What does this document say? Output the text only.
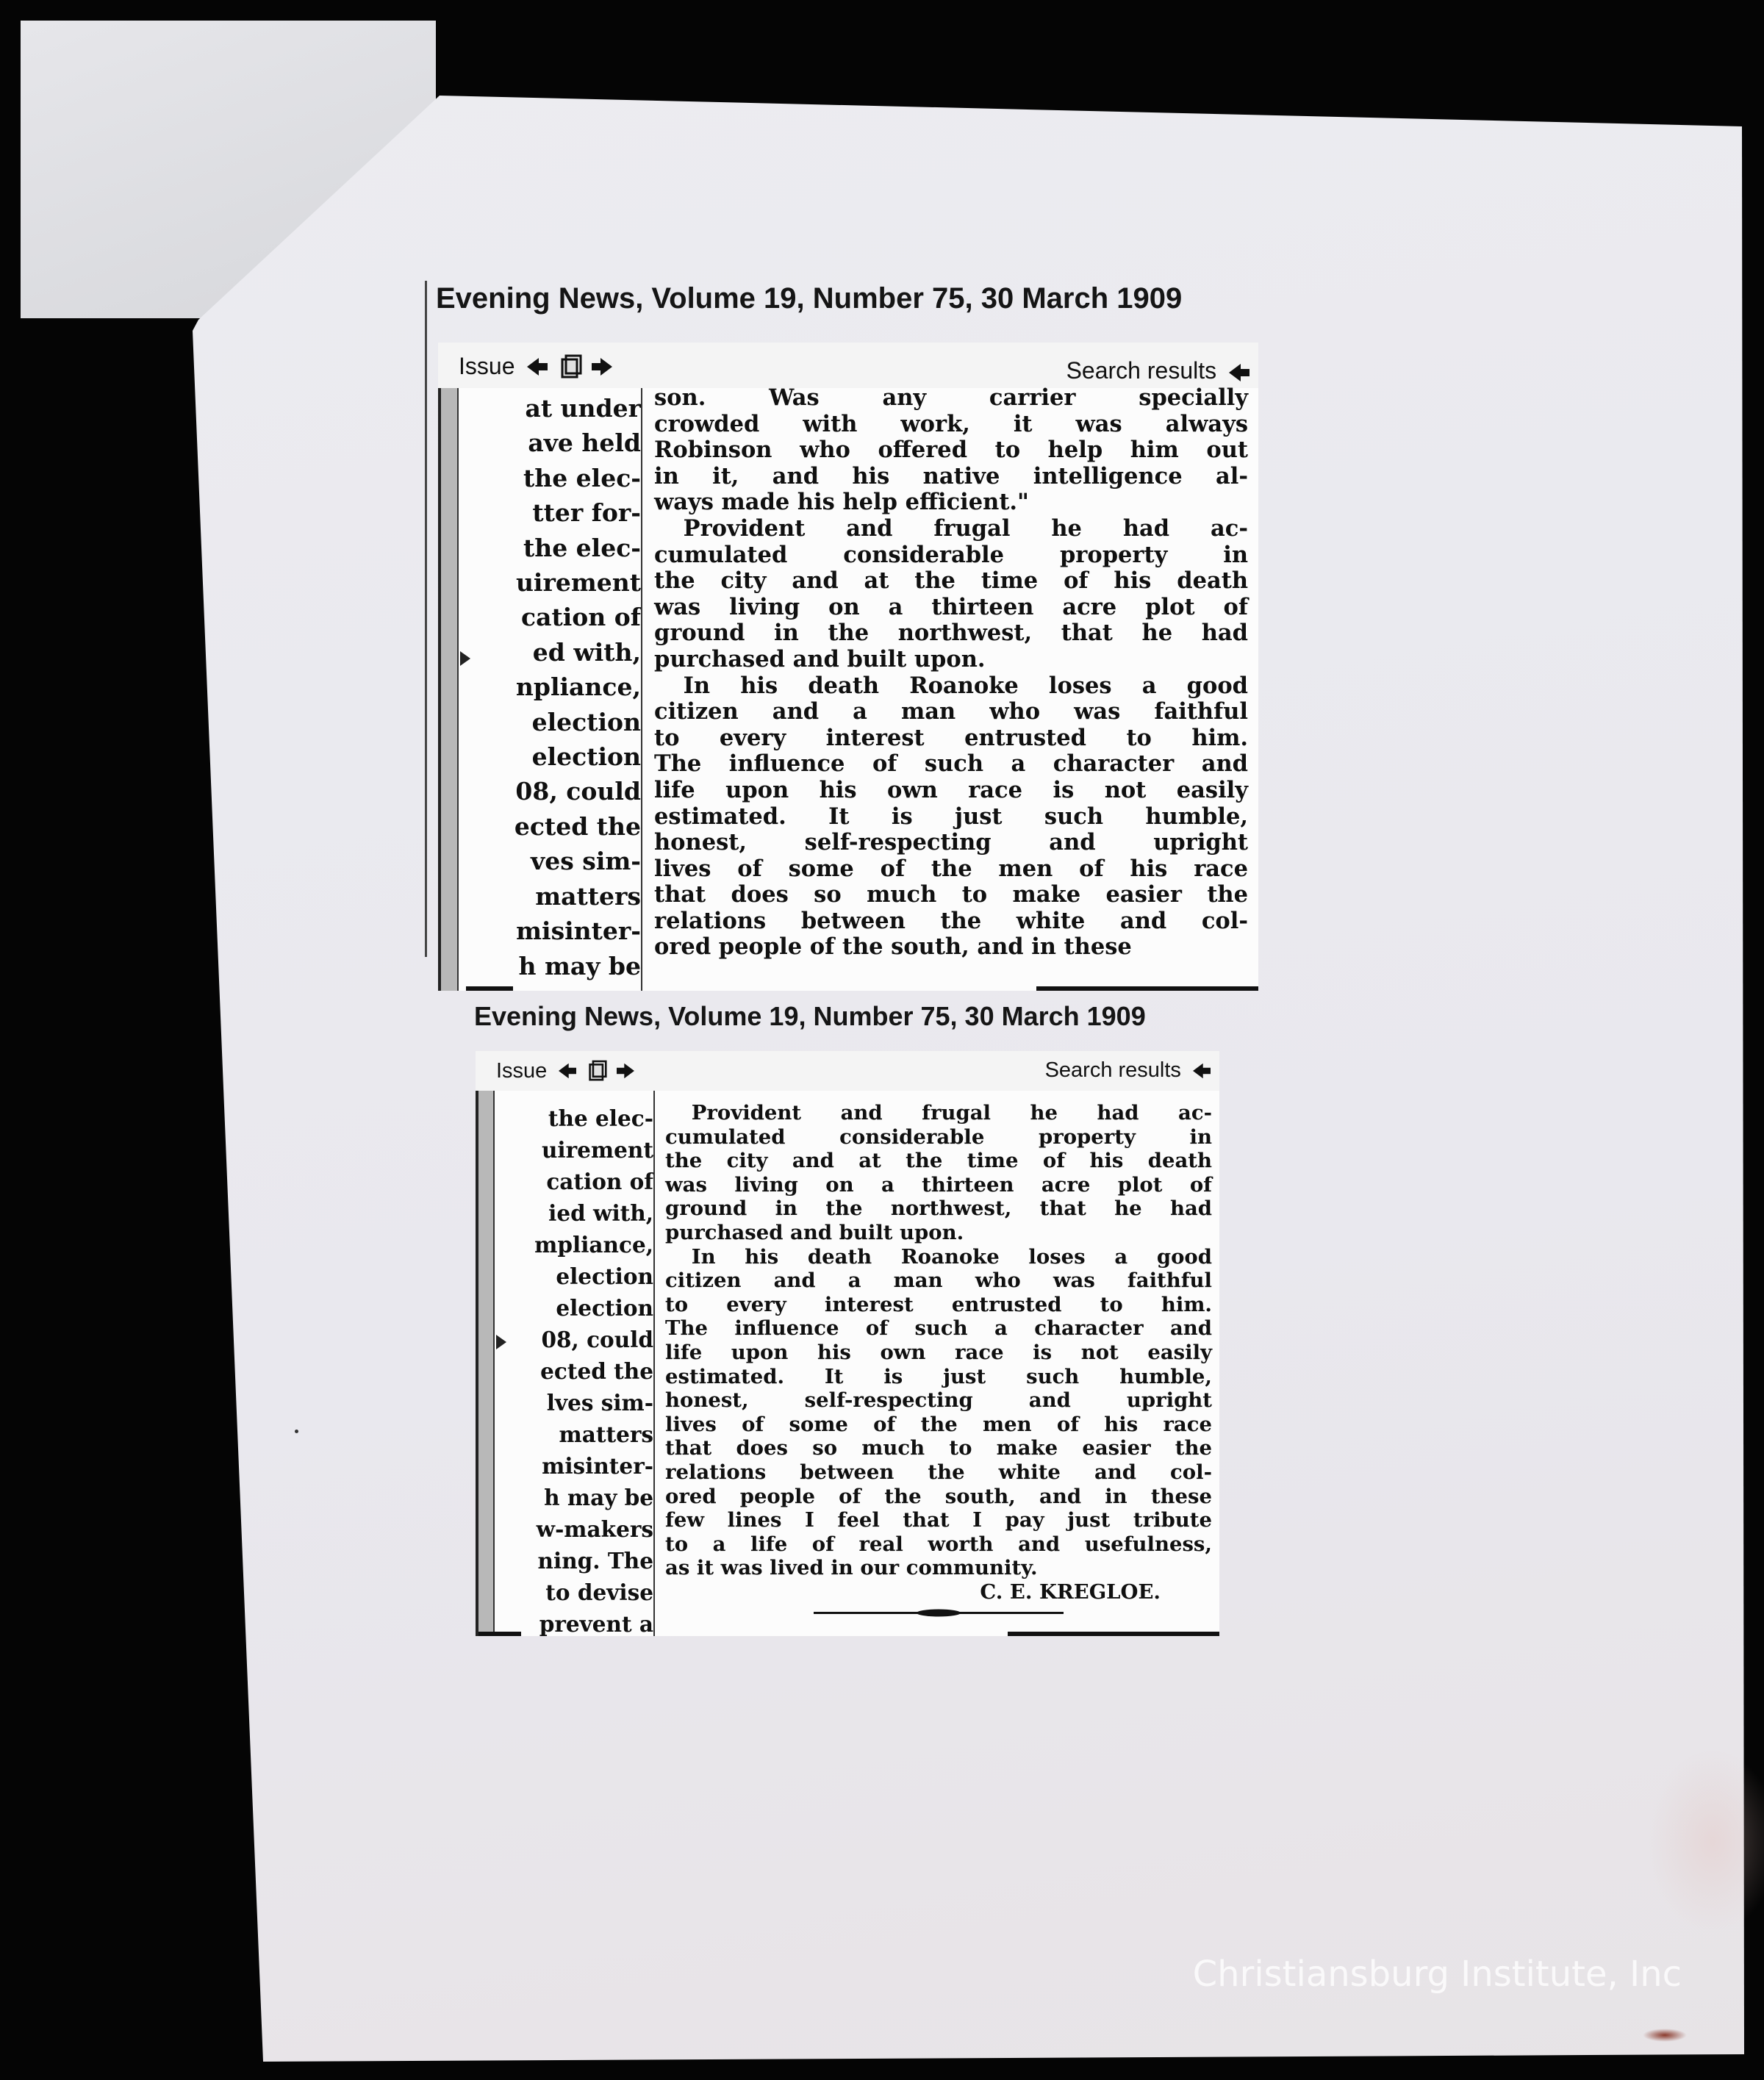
Evening News, Volume 19, Number 75, 30 March 1909
Issue	Search results
at under
ave held
the elec-
tter for-
the elec-
uirement
cation of
ed with,
npliance,
election
election
08, could
ected the
ves sim-
matters
misinter-
h may be

son. Was any carrier specially
crowded with work, it was always
Robinson who offered to help him out
in it, and his native intelligence al-
ways made his help efficient."

Provident and frugal he had ac-
cumulated considerable property in
the city and at the time of his death
was living on a thirteen acre plot of
ground in the northwest, that he had
purchased and built upon.

In his death Roanoke loses a good
citizen and a man who was faithful
to every interest entrusted to him.
The influence of such a character and
life upon his own race is not easily
estimated. It is just such humble,
honest, self-respecting and upright
lives of some of the men of his race
that does so much to make easier the
relations between the white and col-
ored people of the south, and in these

Evening News, Volume 19, Number 75, 30 March 1909
Issue	Search results
the elec-
uirement
cation of
ied with,
mpliance,
election
election
08, could
ected the
lves sim-
matters
misinter-
h may be
w-makers
ning. The
to devise
prevent a

Provident and frugal he had ac-
cumulated considerable property in
the city and at the time of his death
was living on a thirteen acre plot of
ground in the northwest, that he had
purchased and built upon.

In his death Roanoke loses a good
citizen and a man who was faithful
to every interest entrusted to him.
The influence of such a character and
life upon his own race is not easily
estimated. It is just such humble,
honest, self-respecting and upright
lives of some of the men of his race
that does so much to make easier the
relations between the white and col-
ored people of the south, and in these
few lines I feel that I pay just tribute
to a life of real worth and usefulness,
as it was lived in our community.

C. E. KREGLOE.
Christiansburg Institute, Inc
